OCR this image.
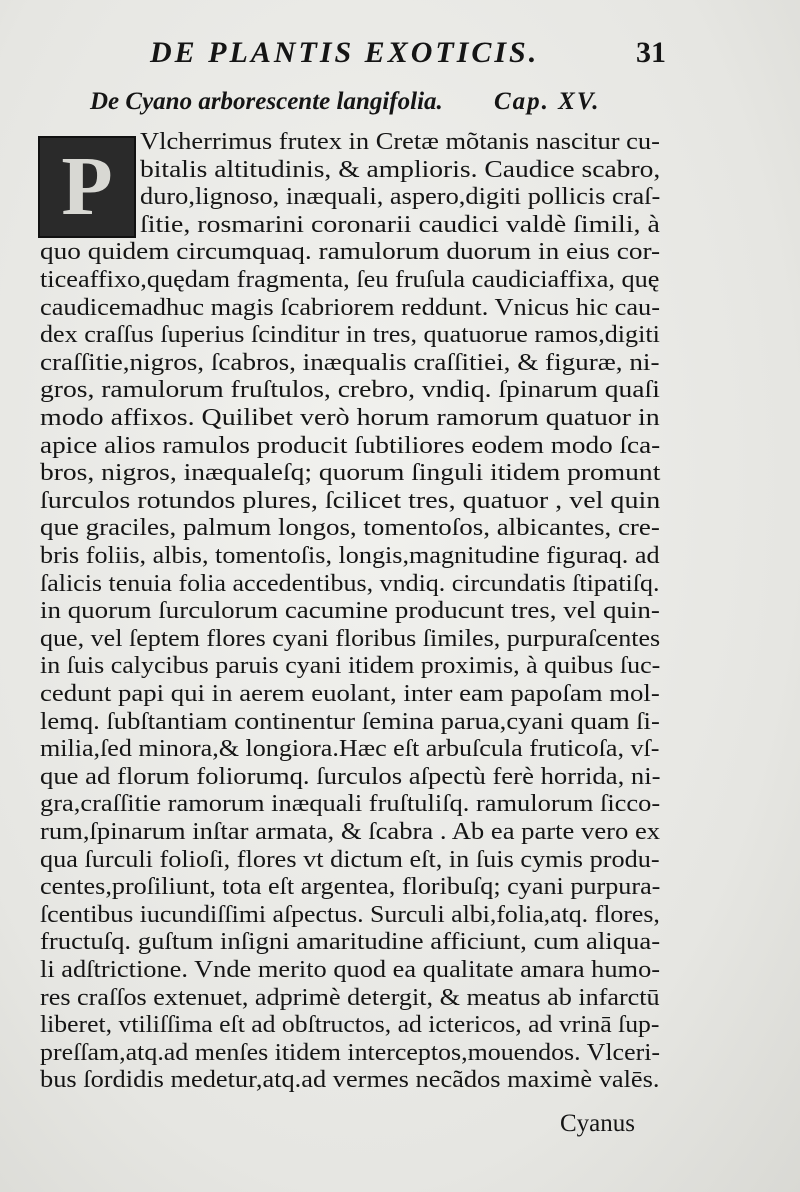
DE PLANTIS EXOTICIS.	31
De Cyano arborescente langifolia. Cap. XV.
P	Vlcherrimus frutex in Cretæ mõtanis nascitur cu-
bitalis altitudinis, & amplioris. Caudice scabro,
duro,lignoso, inæquali, aspero,digiti pollicis craſ-
ſitie, rosmarini coronarii caudici valdè ſimili, à
quo quidem circumquaq. ramulorum duorum in eius cor-
ticeaffixo,quędam fragmenta, ſeu fruſula caudiciaffixa, quę
caudicemadhuc magis ſcabriorem reddunt. Vnicus hic cau-
dex craſſus ſuperius ſcinditur in tres, quatuorue ramos,digiti
craſſitie,nigros, ſcabros, inæqualis craſſitiei, & figuræ, ni-
gros, ramulorum fruſtulos, crebro, vndiq. ſpinarum quaſi
modo affixos. Quilibet verò horum ramorum quatuor in
apice alios ramulos producit ſubtiliores eodem modo ſca-
bros, nigros, inæqualeſq; quorum ſinguli itidem promunt
ſurculos rotundos plures, ſcilicet tres, quatuor , vel quin
que graciles, palmum longos, tomentoſos, albicantes, cre-
bris foliis, albis, tomentoſis, longis,magnitudine figuraq. ad
ſalicis tenuia folia accedentibus, vndiq. circundatis ſtipatiſq.
in quorum ſurculorum cacumine producunt tres, vel quin-
que, vel ſeptem flores cyani floribus ſimiles, purpuraſcentes
in ſuis calycibus paruis cyani itidem proximis, à quibus ſuc-
cedunt papi qui in aerem euolant, inter eam papoſam mol-
lemq. ſubſtantiam continentur ſemina parua,cyani quam ſi-
milia,ſed minora,& longiora.Hæc eſt arbuſcula fruticoſa, vſ-
que ad florum foliorumq. ſurculos aſpectù ferè horrida, ni-
gra,craſſitie ramorum inæquali fruſtuliſq. ramulorum ſicco-
rum,ſpinarum inſtar armata, & ſcabra . Ab ea parte vero ex
qua ſurculi folioſi, flores vt dictum eſt, in ſuis cymis produ-
centes,proſiliunt, tota eſt argentea, floribuſq; cyani purpura-
ſcentibus iucundiſſimi aſpectus. Surculi albi,folia,atq. flores,
fructuſq. guſtum inſigni amaritudine afficiunt, cum aliqua-
li adſtrictione. Vnde merito quod ea qualitate amara humo-
res craſſos extenuet, adprimè detergit, & meatus ab infarctū
liberet, vtiliſſima eſt ad obſtructos, ad ictericos, ad vrinā ſup-
preſſam,atq.ad menſes itidem interceptos,mouendos. Vlceri-
bus ſordidis medetur,atq.ad vermes necãdos maximè valēs.
Cyanus
